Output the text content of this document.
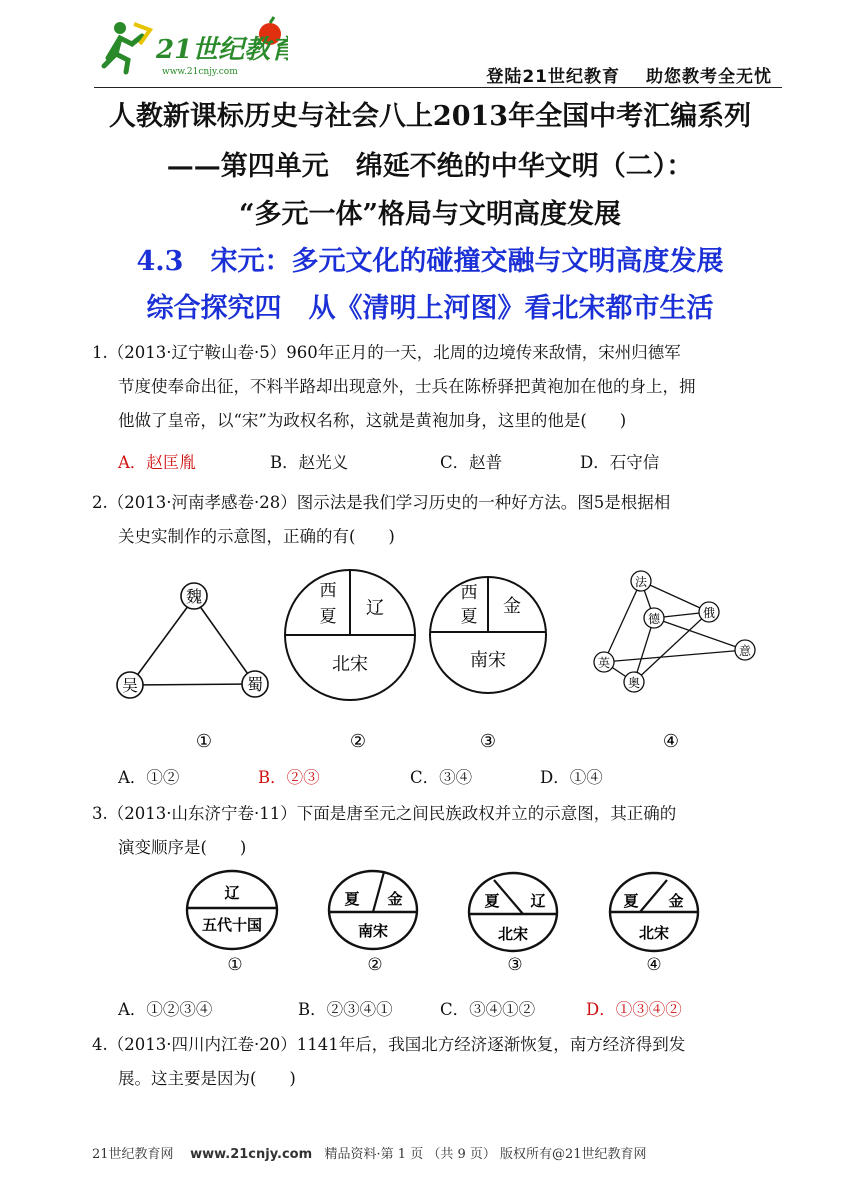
21世纪教育
www.21cnjy.com	登陆21世纪教育 助您教考全无忧
人教新课标历史与社会八上2013年全国中考汇编系列
——第四单元　绵延不绝的中华文明（二）：
“多元一体”格局与文明高度发展
4.3　宋元：多元文化的碰撞交融与文明高度发展
综合探究四　从《清明上河图》看北宋都市生活
1.（2013·辽宁鞍山卷·5）960年正月的一天，北周的边境传来敌情，宋州归德军
节度使奉命出征，不料半路却出现意外，士兵在陈桥驿把黄袍加在他的身上，拥
他做了皇帝，以“宋”为政权名称，这就是黄袍加身，这里的他是(　　)
A．赵匡胤	B．赵光义	C．赵普	D．石守信
2.（2013·河南孝感卷·28）图示法是我们学习历史的一种好方法。图5是根据相
关史实制作的示意图，正确的有(　　)
魏
吴	蜀
西
夏 辽
北宋
西
夏 金
南宋
法
德	俄
英
意
奥
①	②	③	④
A．①②	B．②③	C．③④	D．①④
3.（2013·山东济宁卷·11）下面是唐至元之间民族政权并立的示意图，其正确的
演变顺序是(　　)
辽
五代十国
夏 金
南宋
夏 辽
北宋
夏 金
北宋
①	②	③	④
A．①②③④	B．②③④①	C．③④①②	D．①③④②
4.（2013·四川内江卷·20）1141年后，我国北方经济逐渐恢复，南方经济得到发
展。这主要是因为(　　)
21世纪教育网 www.21cnjy.com 精品资料·第 1 页 （共 9 页） 版权所有@21世纪教育网
